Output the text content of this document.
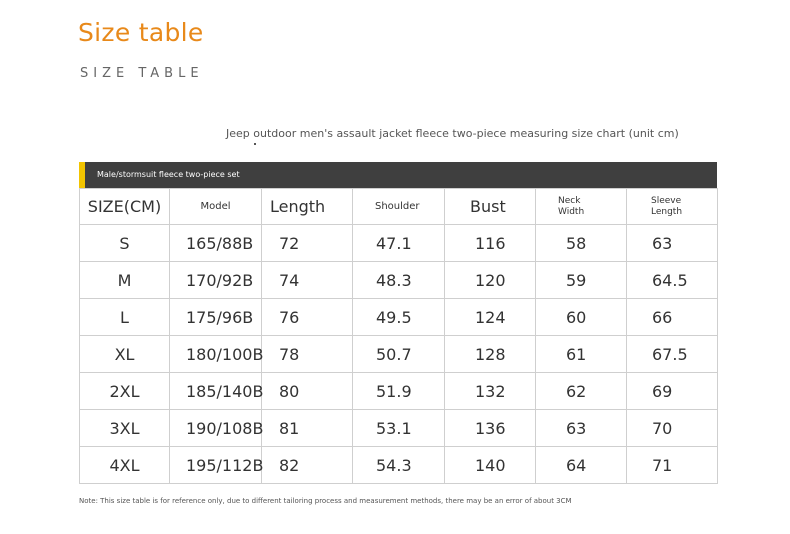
Size table
SIZE TABLE
Jeep outdoor men's assault jacket fleece two-piece measuring size chart (unit cm)
Male/stormsuit fleece two-piece set
SIZE(CM)	Model	Length	Shoulder	Bust	Neck Width	Sleeve Length
S	165/88B	72	47.1	116	58	63
M	170/92B	74	48.3	120	59	64.5
L	175/96B	76	49.5	124	60	66
XL	180/100B	78	50.7	128	61	67.5
2XL	185/140B	80	51.9	132	62	69
3XL	190/108B	81	53.1	136	63	70
4XL	195/112B	82	54.3	140	64	71
Note: This size table is for reference only, due to different tailoring process and measurement methods, there may be an error of about 3CM
